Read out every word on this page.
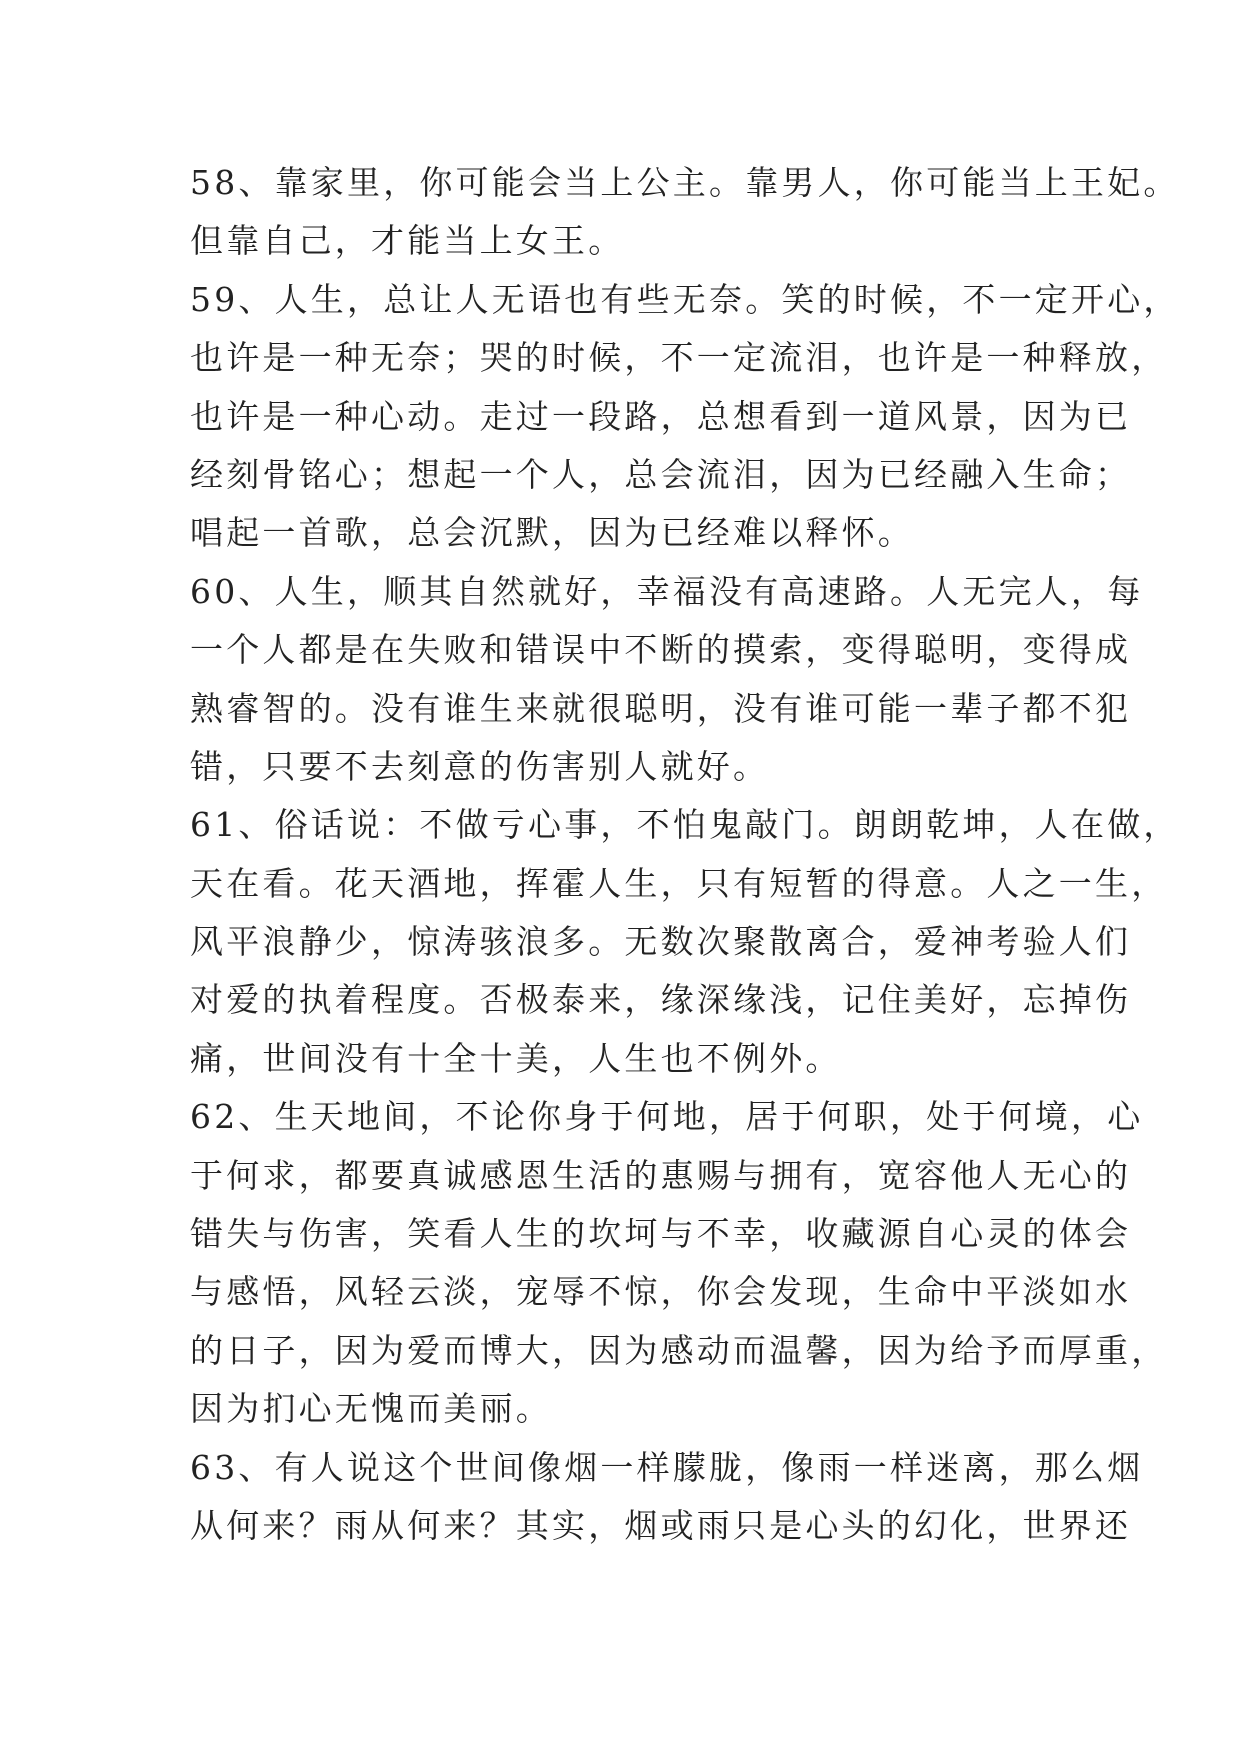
58、靠家里，你可能会当上公主。靠男人，你可能当上王妃。
但靠自己，才能当上女王。
59、人生，总让人无语也有些无奈。笑的时候，不一定开心，
也许是一种无奈；哭的时候，不一定流泪，也许是一种释放，
也许是一种心动。走过一段路，总想看到一道风景，因为已
经刻骨铭心；想起一个人，总会流泪，因为已经融入生命；
唱起一首歌，总会沉默，因为已经难以释怀。
60、人生，顺其自然就好，幸福没有高速路。人无完人，每
一个人都是在失败和错误中不断的摸索，变得聪明，变得成
熟睿智的。没有谁生来就很聪明，没有谁可能一辈子都不犯
错，只要不去刻意的伤害别人就好。
61、俗话说：不做亏心事，不怕鬼敲门。朗朗乾坤，人在做，
天在看。花天酒地，挥霍人生，只有短暂的得意。人之一生，
风平浪静少，惊涛骇浪多。无数次聚散离合，爱神考验人们
对爱的执着程度。否极泰来，缘深缘浅，记住美好，忘掉伤
痛，世间没有十全十美，人生也不例外。
62、生天地间，不论你身于何地，居于何职，处于何境，心
于何求，都要真诚感恩生活的惠赐与拥有，宽容他人无心的
错失与伤害，笑看人生的坎坷与不幸，收藏源自心灵的体会
与感悟，风轻云淡，宠辱不惊，你会发现，生命中平淡如水
的日子，因为爱而博大，因为感动而温馨，因为给予而厚重，
因为扪心无愧而美丽。
63、有人说这个世间像烟一样朦胧，像雨一样迷离，那么烟
从何来？雨从何来？其实，烟或雨只是心头的幻化，世界还
